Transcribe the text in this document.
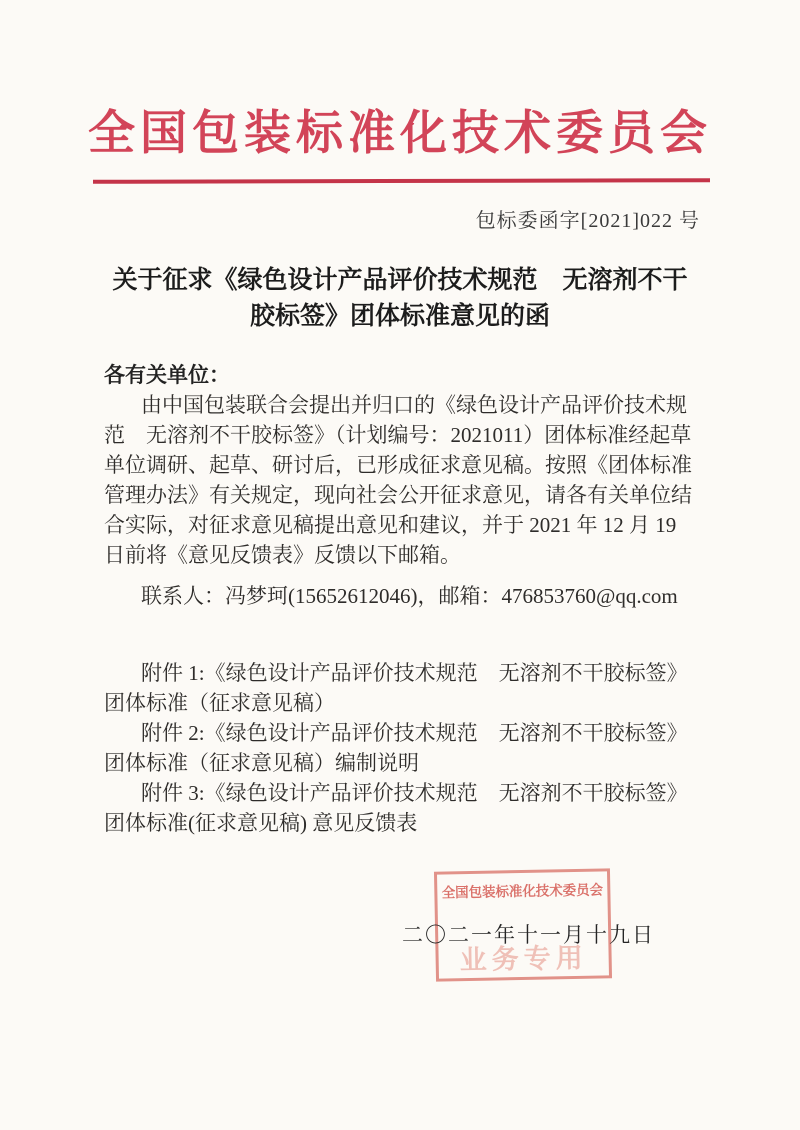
全国包装标准化技术委员会
包标委函字[2021]022 号
关于征求《绿色设计产品评价技术规范　无溶剂不干
胶标签》团体标准意见的函
各有关单位：
由中国包装联合会提出并归口的《绿色设计产品评价技术规
范　无溶剂不干胶标签》（计划编号：2021011）团体标准经起草
单位调研、起草、研讨后，已形成征求意见稿。按照《团体标准
管理办法》有关规定，现向社会公开征求意见，请各有关单位结
合实际，对征求意见稿提出意见和建议，并于 2021 年 12 月 19
日前将《意见反馈表》反馈以下邮箱。
联系人：冯梦珂(15652612046)，邮箱：476853760@qq.com
附件 1:《绿色设计产品评价技术规范　无溶剂不干胶标签》
团体标准（征求意见稿）
附件 2:《绿色设计产品评价技术规范　无溶剂不干胶标签》
团体标准（征求意见稿）编制说明
附件 3:《绿色设计产品评价技术规范　无溶剂不干胶标签》
团体标准(征求意见稿) 意见反馈表
全国包装标准化技术委员会
业务专用
二〇二一年十一月十九日
